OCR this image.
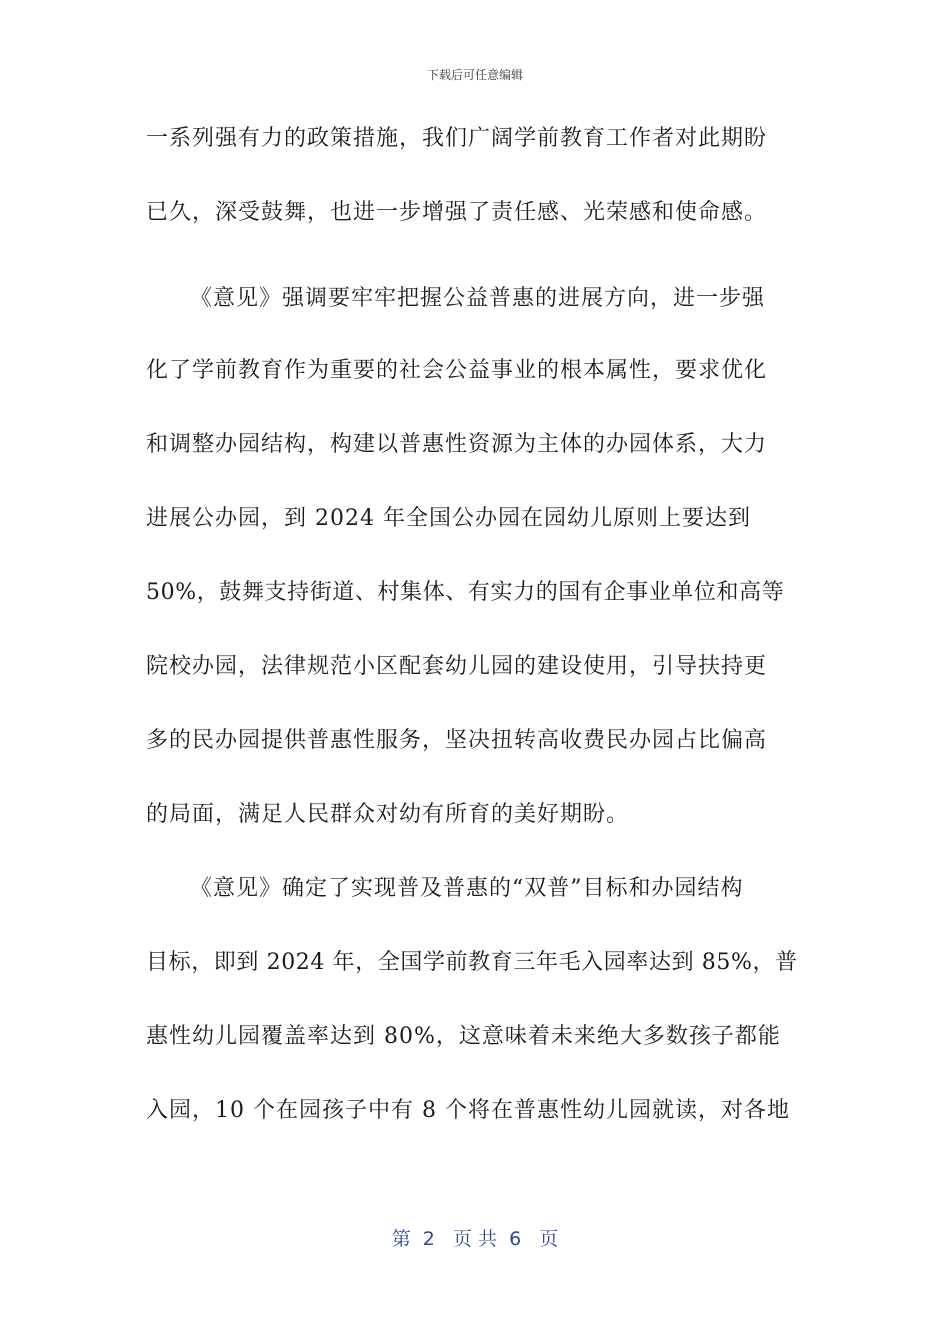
下载后可任意编辑
一系列强有力的政策措施，我们广阔学前教育工作者对此期盼
已久，深受鼓舞，也进一步增强了责任感、光荣感和使命感。
《意见》强调要牢牢把握公益普惠的进展方向，进一步强
化了学前教育作为重要的社会公益事业的根本属性，要求优化
和调整办园结构，构建以普惠性资源为主体的办园体系，大力
进展公办园，到 2024 年全国公办园在园幼儿原则上要达到
50%，鼓舞支持街道、村集体、有实力的国有企事业单位和高等
院校办园，法律规范小区配套幼儿园的建设使用，引导扶持更
多的民办园提供普惠性服务，坚决扭转高收费民办园占比偏高
的局面，满足人民群众对幼有所育的美好期盼。
《意见》确定了实现普及普惠的“双普”目标和办园结构
目标，即到 2024 年，全国学前教育三年毛入园率达到 85%，普
惠性幼儿园覆盖率达到 80%，这意味着未来绝大多数孩子都能
入园，10 个在园孩子中有 8 个将在普惠性幼儿园就读，对各地
第  2   页 共  6   页
